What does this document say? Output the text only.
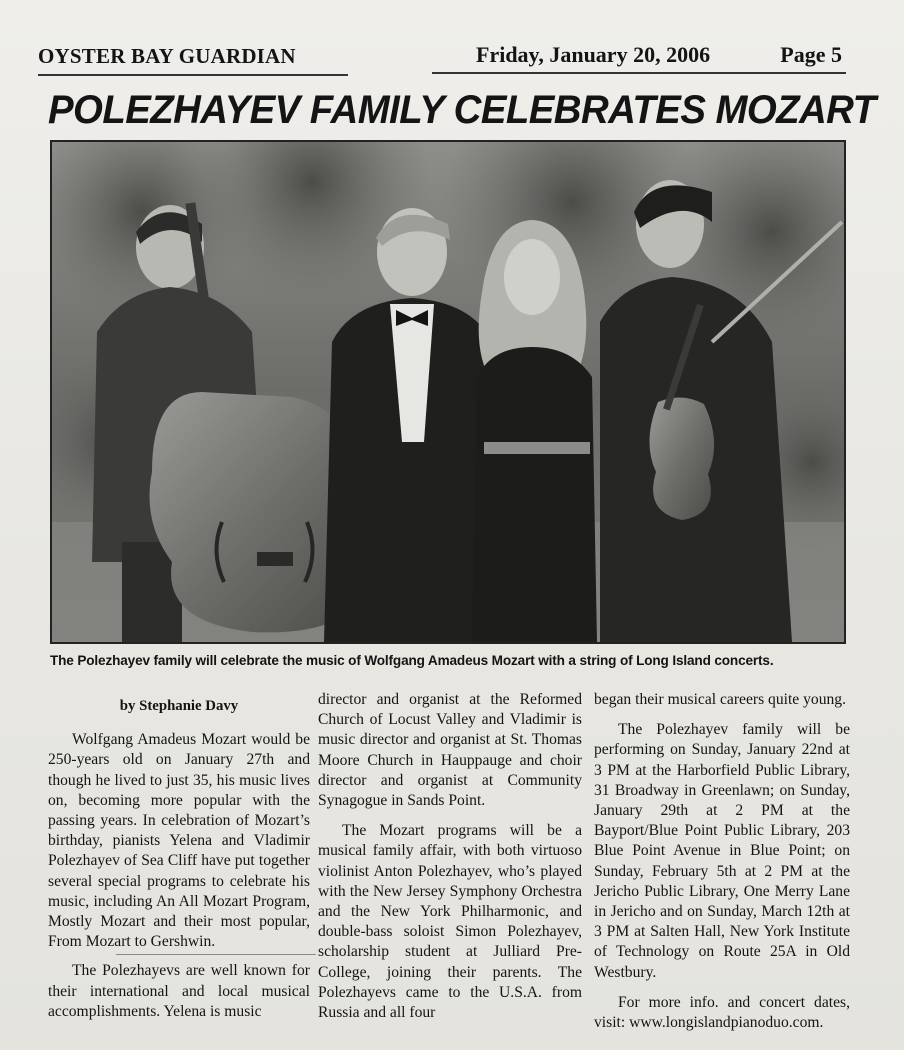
OYSTER BAY GUARDIAN	Friday, January 20, 2006	Page 5
POLEZHAYEV FAMILY CELEBRATES MOZART
The Polezhayev family will celebrate the music of Wolfgang Amadeus Mozart with a string of Long Island concerts.

by Stephanie Davy

Wolfgang Amadeus Mozart would be 250-years old on January 27th and though he lived to just 35, his music lives on, becoming more popular with the passing years. In celebration of Mozart’s birthday, pianists Yelena and Vladimir Polezhayev of Sea Cliff have put together several special programs to celebrate his music, including An All Mozart Program, Mostly Mozart and their most popular, From Mozart to Gershwin.

The Polezhayevs are well known for their international and local musical accomplishments. Yelena is music

director and organist at the Reformed Church of Locust Valley and Vladimir is music director and organist at St. Thomas Moore Church in Hauppauge and choir director and organist at Community Synagogue in Sands Point.

The Mozart programs will be a musical family affair, with both virtuoso violinist Anton Polezhayev, who’s played with the New Jersey Symphony Orchestra and the New York Philharmonic, and double-bass soloist Simon Polezhayev, scholarship student at Julliard Pre-College, joining their parents. The Polezhayevs came to the U.S.A. from Russia and all four

began their musical careers quite young.

The Polezhayev family will be performing on Sunday, January 22nd at 3 PM at the Harborfield Public Library, 31 Broadway in Greenlawn; on Sunday, January 29th at 2 PM at the Bayport/Blue Point Public Library, 203 Blue Point Avenue in Blue Point; on Sunday, February 5th at 2 PM at the Jericho Public Library, One Merry Lane in Jericho and on Sunday, March 12th at 3 PM at Salten Hall, New York Institute of Technology on Route 25A in Old Westbury.

For more info. and concert dates, visit: www.longislandpianoduo.com.
